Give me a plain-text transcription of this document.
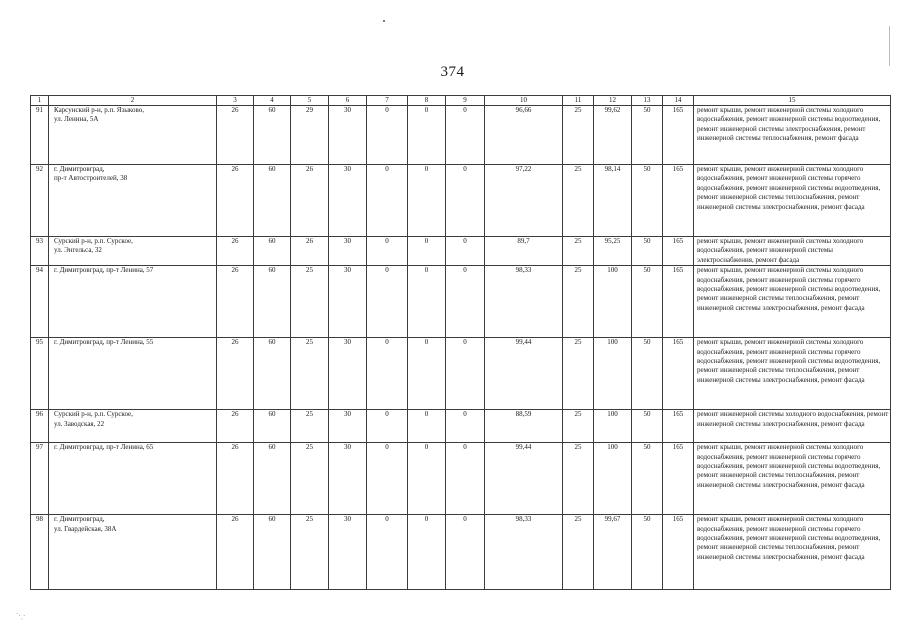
374
1	2	3	4	5	6	7	8	9	10	11	12	13	14	15
91	Карсунский р-н, р.п. Языково,
ул. Ленина, 5А	26	60	29	30	0	0	0	96,66	25	99,62	50	165	ремонт крыши, ремонт инженерной системы холодного водоснабжения, ремонт инженерной системы водоотведения, ремонт инженерной системы электроснабжения, ремонт инженерной системы теплоснабжения, ремонт фасада
92	г. Димитровград,
пр-т Автостроителей, 38	26	60	26	30	0	0	0	97,22	25	98,14	50	165	ремонт крыши, ремонт инженерной системы холодного водоснабжения, ремонт инженерной системы горячего водоснабжения, ремонт инженерной системы водоотведения, ремонт инженерной системы теплоснабжения, ремонт инженерной системы электроснабжения, ремонт фасада
93	Сурский р-н, р.п. Сурское,
ул. Энгельса, 32	26	60	26	30	0	0	0	89,7	25	95,25	50	165	ремонт крыши, ремонт инженерной системы холодного водоснабжения, ремонт инженерной системы электроснабжения, ремонт фасада
94	г. Димитровград, пр-т Ленина, 57	26	60	25	30	0	0	0	98,33	25	100	50	165	ремонт крыши, ремонт инженерной системы холодного водоснабжения, ремонт инженерной системы горячего водоснабжения, ремонт инженерной системы водоотведения, ремонт инженерной системы теплоснабжения, ремонт инженерной системы электроснабжения, ремонт фасада
95	г. Димитровград, пр-т Ленина, 55	26	60	25	30	0	0	0	99,44	25	100	50	165	ремонт крыши, ремонт инженерной системы холодного водоснабжения, ремонт инженерной системы горячего водоснабжения, ремонт инженерной системы водоотведения, ремонт инженерной системы теплоснабжения, ремонт инженерной системы электроснабжения, ремонт фасада
96	Сурский р-н, р.п. Сурское,
ул. Заводская, 22	26	60	25	30	0	0	0	88,59	25	100	50	165	ремонт инженерной системы холодного водоснабжения, ремонт инженерной системы электроснабжения, ремонт фасада
97	г. Димитровград, пр-т Ленина, 65	26	60	25	30	0	0	0	99,44	25	100	50	165	ремонт крыши, ремонт инженерной системы холодного водоснабжения, ремонт инженерной системы горячего водоснабжения, ремонт инженерной системы водоотведения, ремонт инженерной системы теплоснабжения, ремонт инженерной системы электроснабжения, ремонт фасада
98	г. Димитровград,
ул. Гвардейская, 38А	26	60	25	30	0	0	0	98,33	25	99,67	50	165	ремонт крыши, ремонт инженерной системы холодного водоснабжения, ремонт инженерной системы горячего водоснабжения, ремонт инженерной системы водоотведения, ремонт инженерной системы теплоснабжения, ремонт инженерной системы электроснабжения, ремонт фасада
ˋ·ˏ·
